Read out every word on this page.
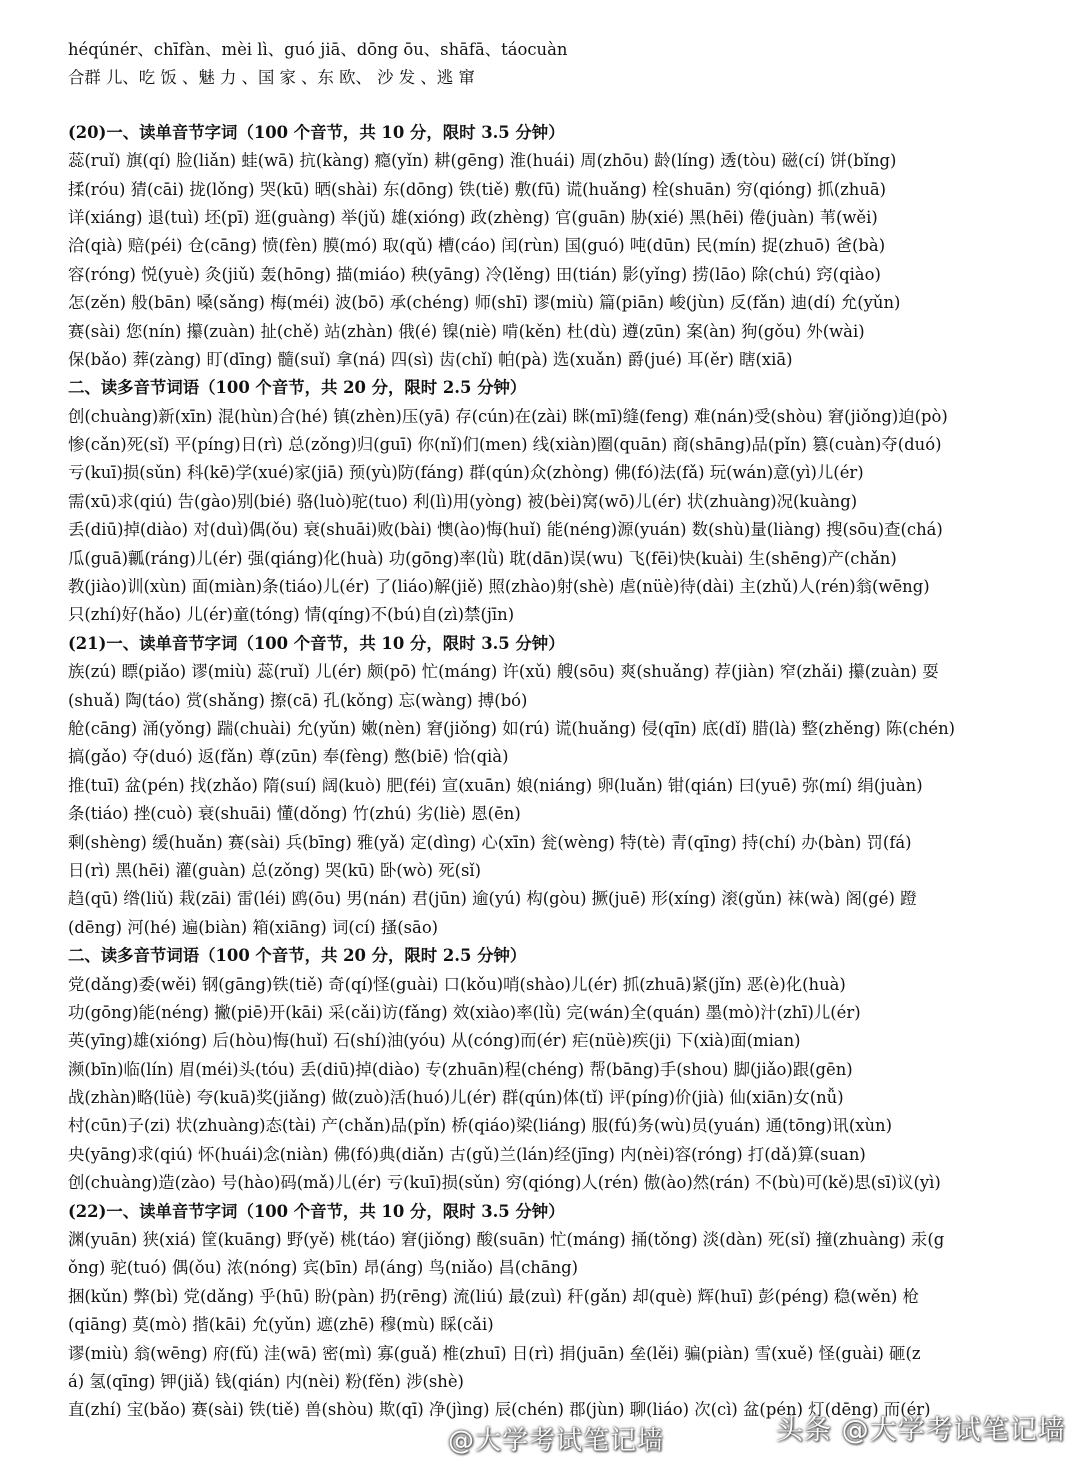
héqúnér、chīfàn、mèi lì、guó jiā、dōng ōu、shāfā、táocuàn
合群 儿、吃 饭 、魅 力 、国 家 、东 欧、 沙 发 、逃 窜
(20)一、读单音节字词（100 个音节，共 10 分，限时 3.5 分钟）
蕊(ruǐ) 旗(qí) 脸(liǎn) 蛙(wā) 抗(kàng) 瘾(yǐn) 耕(gēng) 淮(huái) 周(zhōu) 龄(líng) 透(tòu) 磁(cí) 饼(bǐng)
揉(róu) 猜(cāi) 拢(lǒng) 哭(kū) 晒(shài) 东(dōng) 铁(tiě) 敷(fū) 谎(huǎng) 栓(shuān) 穷(qióng) 抓(zhuā)
详(xiáng) 退(tuì) 坯(pī) 逛(guàng) 举(jǔ) 雄(xióng) 政(zhèng) 官(guān) 胁(xié) 黑(hēi) 倦(juàn) 苇(wěi)
洽(qià) 赔(péi) 仓(cāng) 愤(fèn) 膜(mó) 取(qǔ) 槽(cáo) 闰(rùn) 国(guó) 吨(dūn) 民(mín) 捉(zhuō) 爸(bà)
容(róng) 悦(yuè) 灸(jiǔ) 轰(hōng) 描(miáo) 秧(yāng) 冷(lěng) 田(tián) 影(yǐng) 捞(lāo) 除(chú) 窍(qiào)
怎(zěn) 般(bān) 嗓(sǎng) 梅(méi) 波(bō) 承(chéng) 师(shī) 谬(miù) 篇(piān) 峻(jùn) 反(fǎn) 迪(dí) 允(yǔn)
赛(sài) 您(nín) 攥(zuàn) 扯(chě) 站(zhàn) 俄(é) 镍(niè) 啃(kěn) 杜(dù) 遵(zūn) 案(àn) 狗(gǒu) 外(wài)
保(bǎo) 葬(zàng) 盯(dīng) 髓(suǐ) 拿(ná) 四(sì) 齿(chǐ) 帕(pà) 选(xuǎn) 爵(jué) 耳(ěr) 瞎(xiā)
二、读多音节词语（100 个音节，共 20 分，限时 2.5 分钟）
创(chuàng)新(xīn) 混(hùn)合(hé) 镇(zhèn)压(yā) 存(cún)在(zài) 眯(mī)缝(feng) 难(nán)受(shòu) 窘(jiǒng)迫(pò)
惨(cǎn)死(sǐ) 平(píng)日(rì) 总(zǒng)归(guī) 你(nǐ)们(men) 线(xiàn)圈(quān) 商(shāng)品(pǐn) 篡(cuàn)夺(duó)
亏(kuī)损(sǔn) 科(kē)学(xué)家(jiā) 预(yù)防(fáng) 群(qún)众(zhòng) 佛(fó)法(fǎ) 玩(wán)意(yì)儿(ér)
需(xū)求(qiú) 告(gào)别(bié) 骆(luò)驼(tuo) 利(lì)用(yòng) 被(bèi)窝(wō)儿(ér) 状(zhuàng)况(kuàng)
丢(diū)掉(diào) 对(duì)偶(ǒu) 衰(shuāi)败(bài) 懊(ào)悔(huǐ) 能(néng)源(yuán) 数(shù)量(liàng) 搜(sōu)查(chá)
瓜(guā)瓤(ráng)儿(ér) 强(qiáng)化(huà) 功(gōng)率(lǜ) 耽(dān)误(wu) 飞(fēi)快(kuài) 生(shēng)产(chǎn)
教(jiào)训(xùn) 面(miàn)条(tiáo)儿(ér) 了(liáo)解(jiě) 照(zhào)射(shè) 虐(nüè)待(dài) 主(zhǔ)人(rén)翁(wēng)
只(zhí)好(hǎo) 儿(ér)童(tóng) 情(qíng)不(bú)自(zì)禁(jīn)
(21)一、读单音节字词（100 个音节，共 10 分，限时 3.5 分钟）
族(zú) 瞟(piǎo) 谬(miù) 蕊(ruǐ) 儿(ér) 颇(pō) 忙(máng) 许(xǔ) 艘(sōu) 爽(shuǎng) 荐(jiàn) 窄(zhǎi) 攥(zuàn) 耍
(shuǎ) 陶(táo) 赏(shǎng) 擦(cā) 孔(kǒng) 忘(wàng) 搏(bó)
舱(cāng) 涌(yǒng) 踹(chuài) 允(yǔn) 嫩(nèn) 窘(jiǒng) 如(rú) 谎(huǎng) 侵(qīn) 底(dǐ) 腊(là) 整(zhěng) 陈(chén)
搞(gǎo) 夺(duó) 返(fǎn) 尊(zūn) 奉(fèng) 憋(biē) 恰(qià)
推(tuī) 盆(pén) 找(zhǎo) 隋(suí) 阔(kuò) 肥(féi) 宣(xuān) 娘(niáng) 卵(luǎn) 钳(qián) 曰(yuē) 弥(mí) 绢(juàn)
条(tiáo) 挫(cuò) 衰(shuāi) 懂(dǒng) 竹(zhú) 劣(liè) 恩(ēn)
剩(shèng) 缓(huǎn) 赛(sài) 兵(bīng) 雅(yǎ) 定(dìng) 心(xīn) 瓮(wèng) 特(tè) 青(qīng) 持(chí) 办(bàn) 罚(fá)
日(rì) 黑(hēi) 灌(guàn) 总(zǒng) 哭(kū) 卧(wò) 死(sǐ)
趋(qū) 绺(liǔ) 栽(zāi) 雷(léi) 鸥(ōu) 男(nán) 君(jūn) 逾(yú) 构(gòu) 撅(juē) 形(xíng) 滚(gǔn) 袜(wà) 阁(gé) 蹬
(dēng) 河(hé) 遍(biàn) 箱(xiāng) 词(cí) 搔(sāo)
二、读多音节词语（100 个音节，共 20 分，限时 2.5 分钟）
党(dǎng)委(wěi) 钢(gāng)铁(tiě) 奇(qí)怪(guài) 口(kǒu)哨(shào)儿(ér) 抓(zhuā)紧(jǐn) 恶(è)化(huà)
功(gōng)能(néng) 撇(piē)开(kāi) 采(cǎi)访(fǎng) 效(xiào)率(lǜ) 完(wán)全(quán) 墨(mò)汁(zhī)儿(ér)
英(yīng)雄(xióng) 后(hòu)悔(huǐ) 石(shí)油(yóu) 从(cóng)而(ér) 疟(nüè)疾(ji) 下(xià)面(mian)
濒(bīn)临(lín) 眉(méi)头(tóu) 丢(diū)掉(diào) 专(zhuān)程(chéng) 帮(bāng)手(shou) 脚(jiǎo)跟(gēn)
战(zhàn)略(lüè) 夸(kuā)奖(jiǎng) 做(zuò)活(huó)儿(ér) 群(qún)体(tǐ) 评(píng)价(jià) 仙(xiān)女(nǚ)
村(cūn)子(zi) 状(zhuàng)态(tài) 产(chǎn)品(pǐn) 桥(qiáo)梁(liáng) 服(fú)务(wù)员(yuán) 通(tōng)讯(xùn)
央(yāng)求(qiú) 怀(huái)念(niàn) 佛(fó)典(diǎn) 古(gǔ)兰(lán)经(jīng) 内(nèi)容(róng) 打(dǎ)算(suan)
创(chuàng)造(zào) 号(hào)码(mǎ)儿(ér) 亏(kuī)损(sǔn) 穷(qióng)人(rén) 傲(ào)然(rán) 不(bù)可(kě)思(sī)议(yì)
(22)一、读单音节字词（100 个音节，共 10 分，限时 3.5 分钟）
渊(yuān) 狭(xiá) 筐(kuāng) 野(yě) 桃(táo) 窘(jiǒng) 酸(suān) 忙(máng) 捅(tǒng) 淡(dàn) 死(sǐ) 撞(zhuàng) 汞(g
ǒng) 驼(tuó) 偶(ǒu) 浓(nóng) 宾(bīn) 昂(áng) 鸟(niǎo) 昌(chāng)
捆(kǔn) 弊(bì) 党(dǎng) 乎(hū) 盼(pàn) 扔(rēng) 流(liú) 最(zuì) 秆(gǎn) 却(què) 辉(huī) 彭(péng) 稳(wěn) 枪
(qiāng) 莫(mò) 揩(kāi) 允(yǔn) 遮(zhē) 穆(mù) 睬(cǎi)
谬(miù) 翁(wēng) 府(fǔ) 洼(wā) 密(mì) 寡(guǎ) 椎(zhuī) 日(rì) 捐(juān) 垒(lěi) 骗(piàn) 雪(xuě) 怪(guài) 砸(z
á) 氢(qīng) 钾(jiǎ) 钱(qián) 内(nèi) 粉(fěn) 涉(shè)
直(zhí) 宝(bǎo) 赛(sài) 铁(tiě) 兽(shòu) 欺(qī) 净(jìng) 辰(chén) 郡(jùn) 聊(liáo) 次(cì) 盆(pén) 灯(dēng) 而(ér)
@大学考试笔记墙	头条 @大学考试笔记墙
